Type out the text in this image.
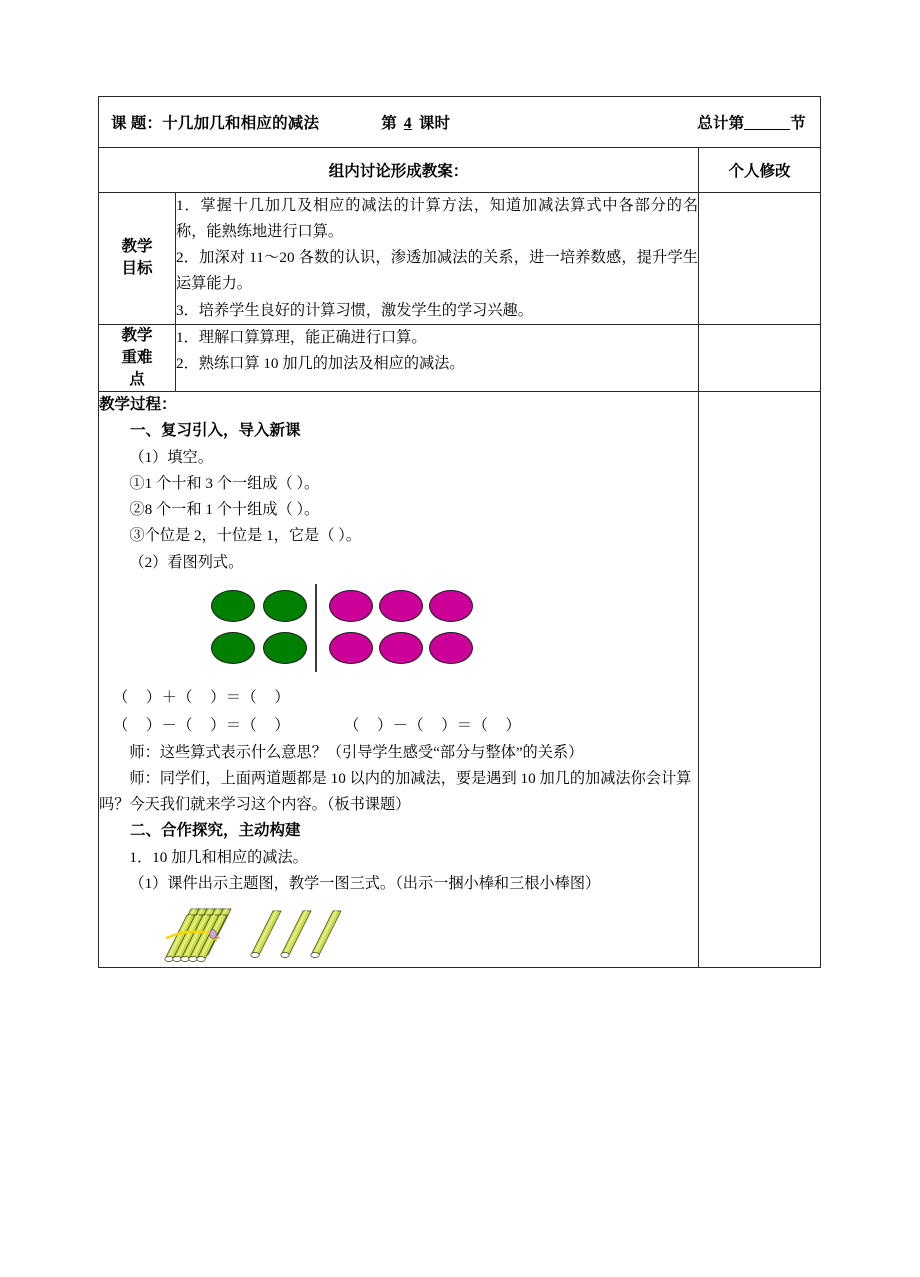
课 题：十几加几和相应的减法 第 4 课时 总计第 节		

组内讨论形成教案：		个人修改

教学
目标

1．掌握十几加几及相应的减法的计算方法，知道加减法算式中各部分的名称，能熟练地进行口算。

2．加深对 11～20 各数的认识，渗透加减法的关系，进一培养数感，提升学生运算能力。

3．培养学生良好的计算习惯，激发学生的学习兴趣。

教学
重难
点

1．理解口算算理，能正确进行口算。

2．熟练口算 10 加几的加法及相应的减法。

教学过程：

一、复习引入，导入新课

（1）填空。

①1 个十和 3 个一组成（ ）。

②8 个一和 1 个十组成（ ）。

③个位是 2，十位是 1，它是（ ）。

（2）看图列式。

（    ）＋（    ）＝（    ）
（    ）－（    ）＝（    ）	（    ）－（    ）＝（    ）

师：这些算式表示什么意思？（引导学生感受“部分与整体”的关系）

师：同学们，上面两道题都是 10 以内的加减法，要是遇到 10 加几的加减法你会计算吗？今天我们就来学习这个内容。（板书课题）

二、合作探究，主动构建

1．10 加几和相应的减法。

（1）课件出示主题图，教学一图三式。（出示一捆小棒和三根小棒图）
